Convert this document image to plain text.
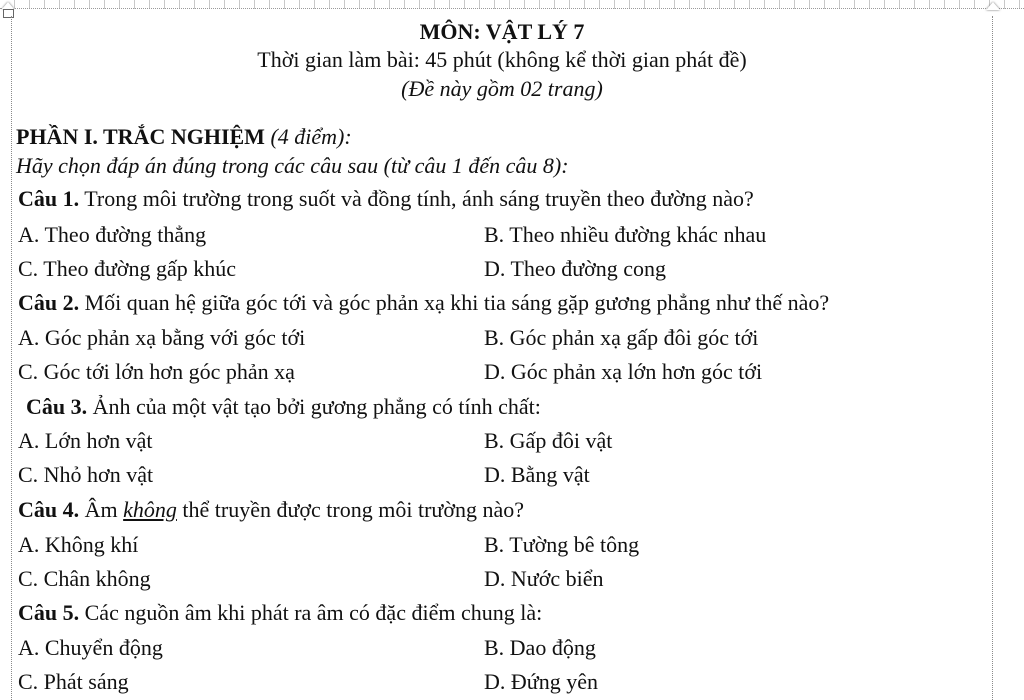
MÔN: VẬT LÝ 7
Thời gian làm bài: 45 phút (không kể thời gian phát đề)
(Đề này gồm 02 trang)
PHẦN I. TRẮC NGHIỆM (4 điểm):
Hãy chọn đáp án đúng trong các câu sau (từ câu 1 đến câu 8):
Câu 1. Trong môi trường trong suốt và đồng tính, ánh sáng truyền theo đường nào?
A. Theo đường thẳng	B. Theo nhiều đường khác nhau
C. Theo đường gấp khúc	D. Theo đường cong
Câu 2. Mối quan hệ giữa góc tới và góc phản xạ khi tia sáng gặp gương phẳng như thế nào?
A. Góc phản xạ bằng với góc tới	B. Góc phản xạ gấp đôi góc tới
C. Góc tới lớn hơn góc phản xạ	D. Góc phản xạ lớn hơn góc tới
Câu 3. Ảnh của một vật tạo bởi gương phẳng có tính chất:
A. Lớn hơn vật	B. Gấp đôi vật
C. Nhỏ hơn vật	D. Bằng vật
Câu 4. Âm không thể truyền được trong môi trường nào?
A. Không khí	B. Tường bê tông
C. Chân không	D. Nước biển
Câu 5. Các nguồn âm khi phát ra âm có đặc điểm chung là:
A. Chuyển động	B. Dao động
C. Phát sáng	D. Đứng yên
